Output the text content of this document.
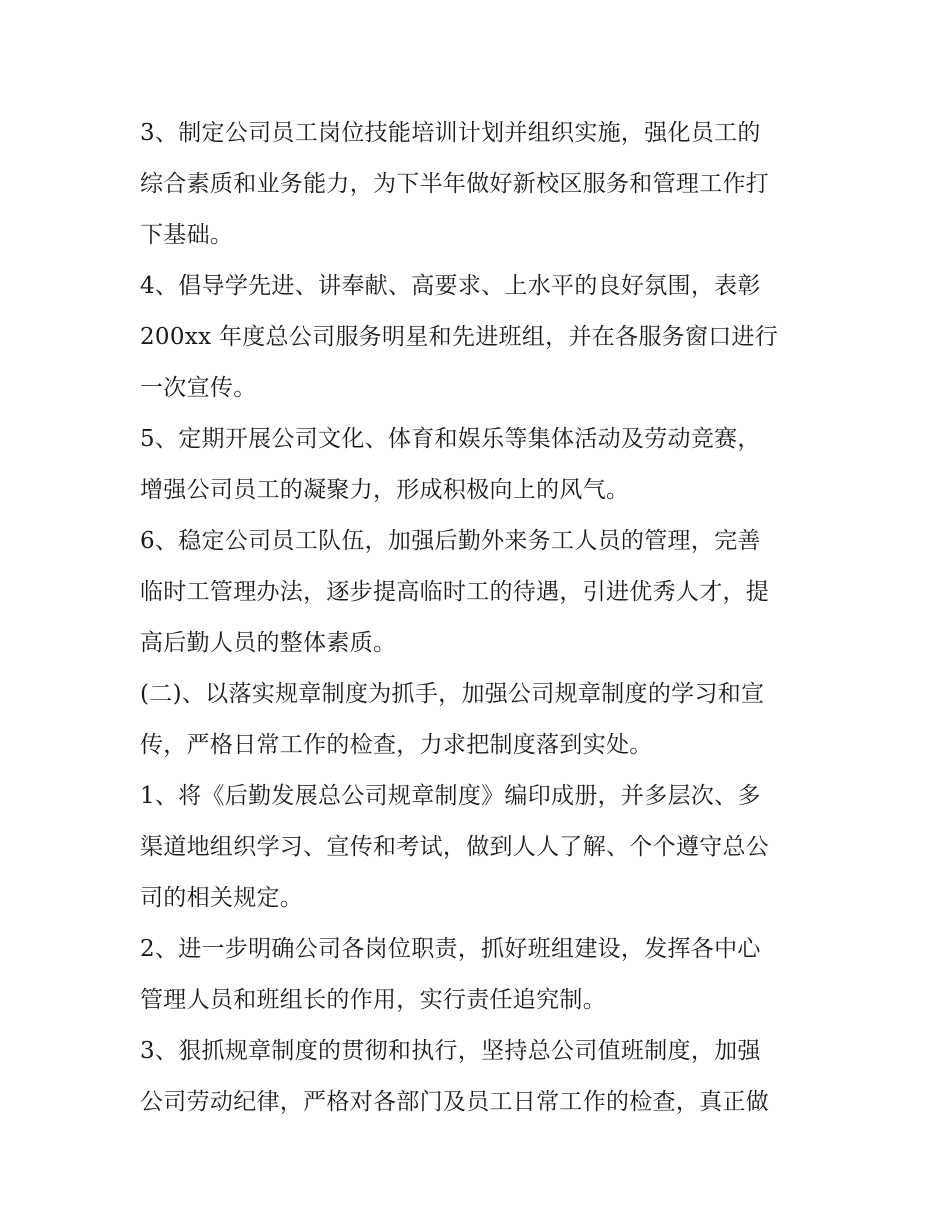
3、制定公司员工岗位技能培训计划并组织实施，强化员工的
综合素质和业务能力，为下半年做好新校区服务和管理工作打
下基础。
4、倡导学先进、讲奉献、高要求、上水平的良好氛围，表彰
200xx 年度总公司服务明星和先进班组，并在各服务窗口进行
一次宣传。
5、定期开展公司文化、体育和娱乐等集体活动及劳动竞赛，
增强公司员工的凝聚力，形成积极向上的风气。
6、稳定公司员工队伍，加强后勤外来务工人员的管理，完善
临时工管理办法，逐步提高临时工的待遇，引进优秀人才，提
高后勤人员的整体素质。
(二)、以落实规章制度为抓手，加强公司规章制度的学习和宣
传，严格日常工作的检查，力求把制度落到实处。
1、将《后勤发展总公司规章制度》编印成册，并多层次、多
渠道地组织学习、宣传和考试，做到人人了解、个个遵守总公
司的相关规定。
2、进一步明确公司各岗位职责，抓好班组建设，发挥各中心
管理人员和班组长的作用，实行责任追究制。
3、狠抓规章制度的贯彻和执行，坚持总公司值班制度，加强
公司劳动纪律，严格对各部门及员工日常工作的检查，真正做
